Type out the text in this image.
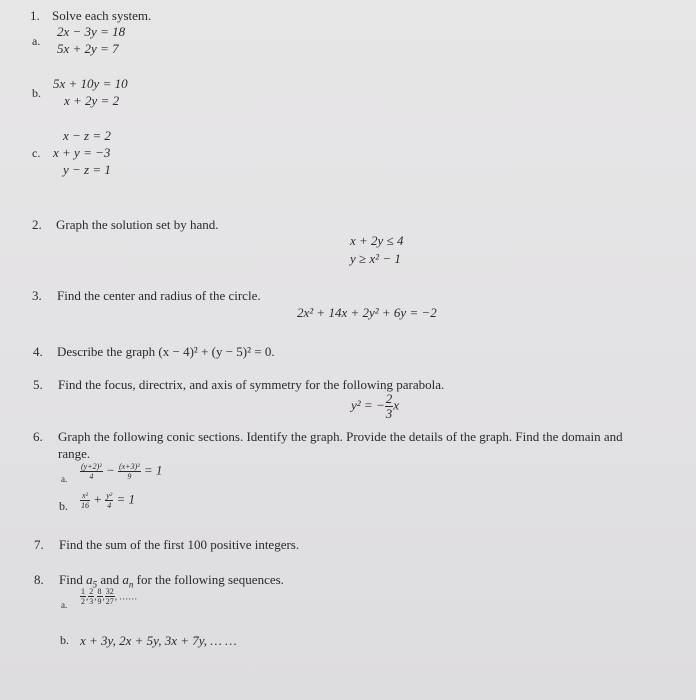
1. Solve each system.
a.
2x − 3y = 18
5x + 2y = 7
b.
5x + 10y = 10
x + 2y = 2
x − z = 2
c. x + y = −3
y − z = 1
2. Graph the solution set by hand.
x + 2y ≤ 4
y ≥ x² − 1
3. Find the center and radius of the circle.
2x² + 14x + 2y² + 6y = −2
4. Describe the graph (x − 4)² + (y − 5)² = 0.
5. Find the focus, directrix, and axis of symmetry for the following parabola.
y² = − $\frac{2}{3}$ x
6. Graph the following conic sections. Identify the graph. Provide the details of the graph. Find the domain and
range.
a. $\frac{\text{(y+2)²}}{4} - \frac{\text{(x+3)²}}{9} = 1$
b. $\frac{\text{x²}}{16} + \frac{\text{y²}}{4} = 1$
7. Find the sum of the first 100 positive integers.
8. Find $a_5$ and $a_n$ for the following sequences.
a. $\frac{1}{2}$ , $\frac{2}{3}$ , $\frac{8}{9}$ , $\frac{32}{27}$ , ……
b. x + 3y, 2x + 5y, 3x + 7y, … …
